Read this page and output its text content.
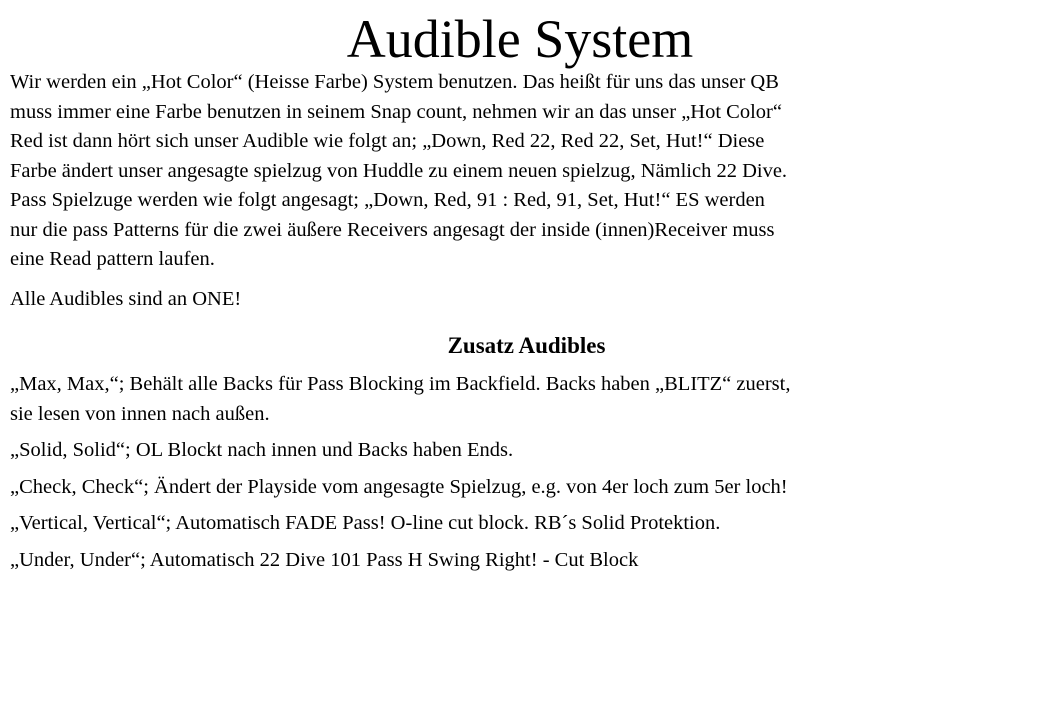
Audible System

Wir werden ein „Hot Color“ (Heisse Farbe) System benutzen. Das heißt für uns das unser QB
muss immer eine Farbe benutzen in seinem Snap count, nehmen wir an das unser „Hot Color“
Red ist dann hört sich unser Audible wie folgt an; „Down, Red 22, Red 22, Set, Hut!“ Diese
Farbe ändert unser angesagte spielzug von Huddle zu einem neuen spielzug, Nämlich 22 Dive.
Pass Spielzuge werden wie folgt angesagt; „Down, Red, 91 : Red, 91, Set, Hut!“ ES werden
nur die pass Patterns für die zwei äußere Receivers angesagt der inside (innen)Receiver muss
eine Read pattern laufen.

Alle Audibles sind an ONE!

Zusatz Audibles

„Max, Max,“; Behält alle Backs für Pass Blocking im Backfield. Backs haben „BLITZ“ zuerst,
sie lesen von innen nach außen.

„Solid, Solid“; OL Blockt nach innen und Backs haben Ends.

„Check, Check“; Ändert der Playside vom angesagte Spielzug, e.g. von 4er loch zum 5er loch!

„Vertical, Vertical“; Automatisch FADE Pass! O-line cut block. RB´s Solid Protektion.

„Under, Under“; Automatisch 22 Dive 101 Pass H Swing Right! - Cut Block
